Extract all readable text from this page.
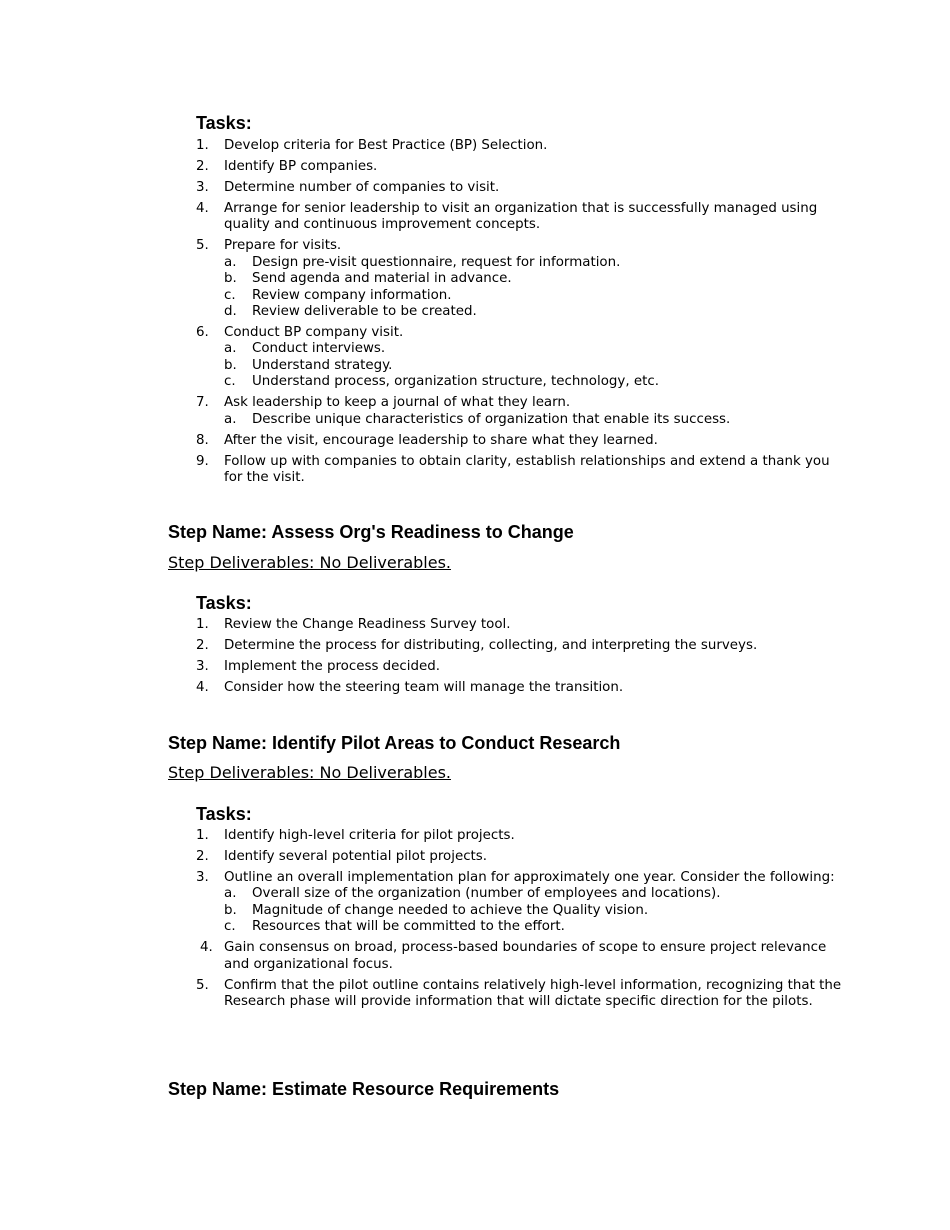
Tasks:
1. Develop criteria for Best Practice (BP) Selection.
2. Identify BP companies.
3. Determine number of companies to visit.
4. Arrange for senior leadership to visit an organization that is successfully managed using quality and continuous improvement concepts.
5. Prepare for visits.
a. Design pre-visit questionnaire, request for information.
b. Send agenda and material in advance.
c. Review company information.
d. Review deliverable to be created.
6. Conduct BP company visit.
a. Conduct interviews.
b. Understand strategy.
c. Understand process, organization structure, technology, etc.
7. Ask leadership to keep a journal of what they learn.
a. Describe unique characteristics of organization that enable its success.
8. After the visit, encourage leadership to share what they learned.
9. Follow up with companies to obtain clarity, establish relationships and extend a thank you for the visit.
Step Name: Assess Org's Readiness to Change

Step Deliverables: No Deliverables.

Tasks:
1. Review the Change Readiness Survey tool.
2. Determine the process for distributing, collecting, and interpreting the surveys.
3. Implement the process decided.
4. Consider how the steering team will manage the transition.
Step Name: Identify Pilot Areas to Conduct Research

Step Deliverables: No Deliverables.

Tasks:
1. Identify high-level criteria for pilot projects.
2. Identify several potential pilot projects.
3. Outline an overall implementation plan for approximately one year. Consider the following:
a. Overall size of the organization (number of employees and locations).
b. Magnitude of change needed to achieve the Quality vision.
c. Resources that will be committed to the effort.
4. Gain consensus on broad, process-based boundaries of scope to ensure project relevance and organizational focus.
5. Confirm that the pilot outline contains relatively high-level information, recognizing that the Research phase will provide information that will dictate specific direction for the pilots.
Step Name: Estimate Resource Requirements
